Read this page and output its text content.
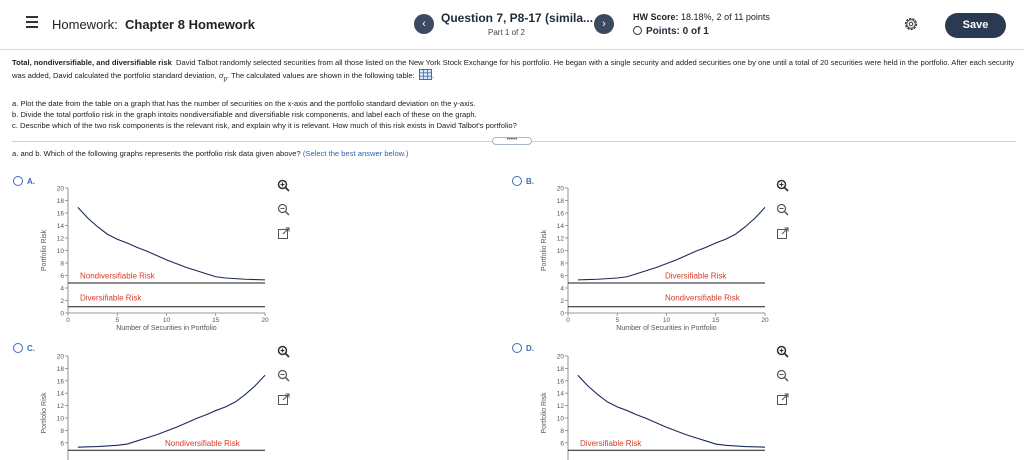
Homework: Chapter 8 Homework	‹	Question 7, P8-17 (simila...
Part 1 of 2
›
HW Score: 18.18%, 2 of 11 points
Points: 0 of 1
Save
Total, nondiversifiable, and diversifiable risk David Talbot randomly selected securities from all those listed on the New York Stock Exchange for his portfolio. He began with a single security and added securities one by one until a total of 20 securities were held in the portfolio. After each security was added, David calculated the portfolio standard deviation, $\sigma_p$. The calculated values are shown in the following table: .
a. Plot the date from the table on a graph that has the number of securities on the x-axis and the portfolio standard deviation on the y-axis.
b. Divide the total portfolio risk in the graph intoits nondiversifiable and diversifiable risk components, and label each of these on the graph.
c. Describe which of the two risk components is the relevant risk, and explain why it is relevant. How much of this risk exists in David Talbot's portfolio?
•••••
a. and b. Which of the following graphs represents the portfolio risk data given above? (Select the best answer below.)
A.
0
2
4
6
8
10
12
14
16
18
20
0	5	10	15	20
Portfolio Risk
Number of Securities in Portfolio
Nondiversifiable Risk
Diversifiable Risk
B.
0
2
4
6
8
10
12
14
16
18
20
0	5	10	15	20
Portfolio Risk
Number of Securities in Portfolio
Diversifiable Risk
Nondiversifiable Risk
C.
6
8
10
12
14
16
18
20
Portfolio Risk
Nondiversifiable Risk
D.
6
8
10
12
14
16
18
20
Portfolio Risk
Diversifiable Risk
